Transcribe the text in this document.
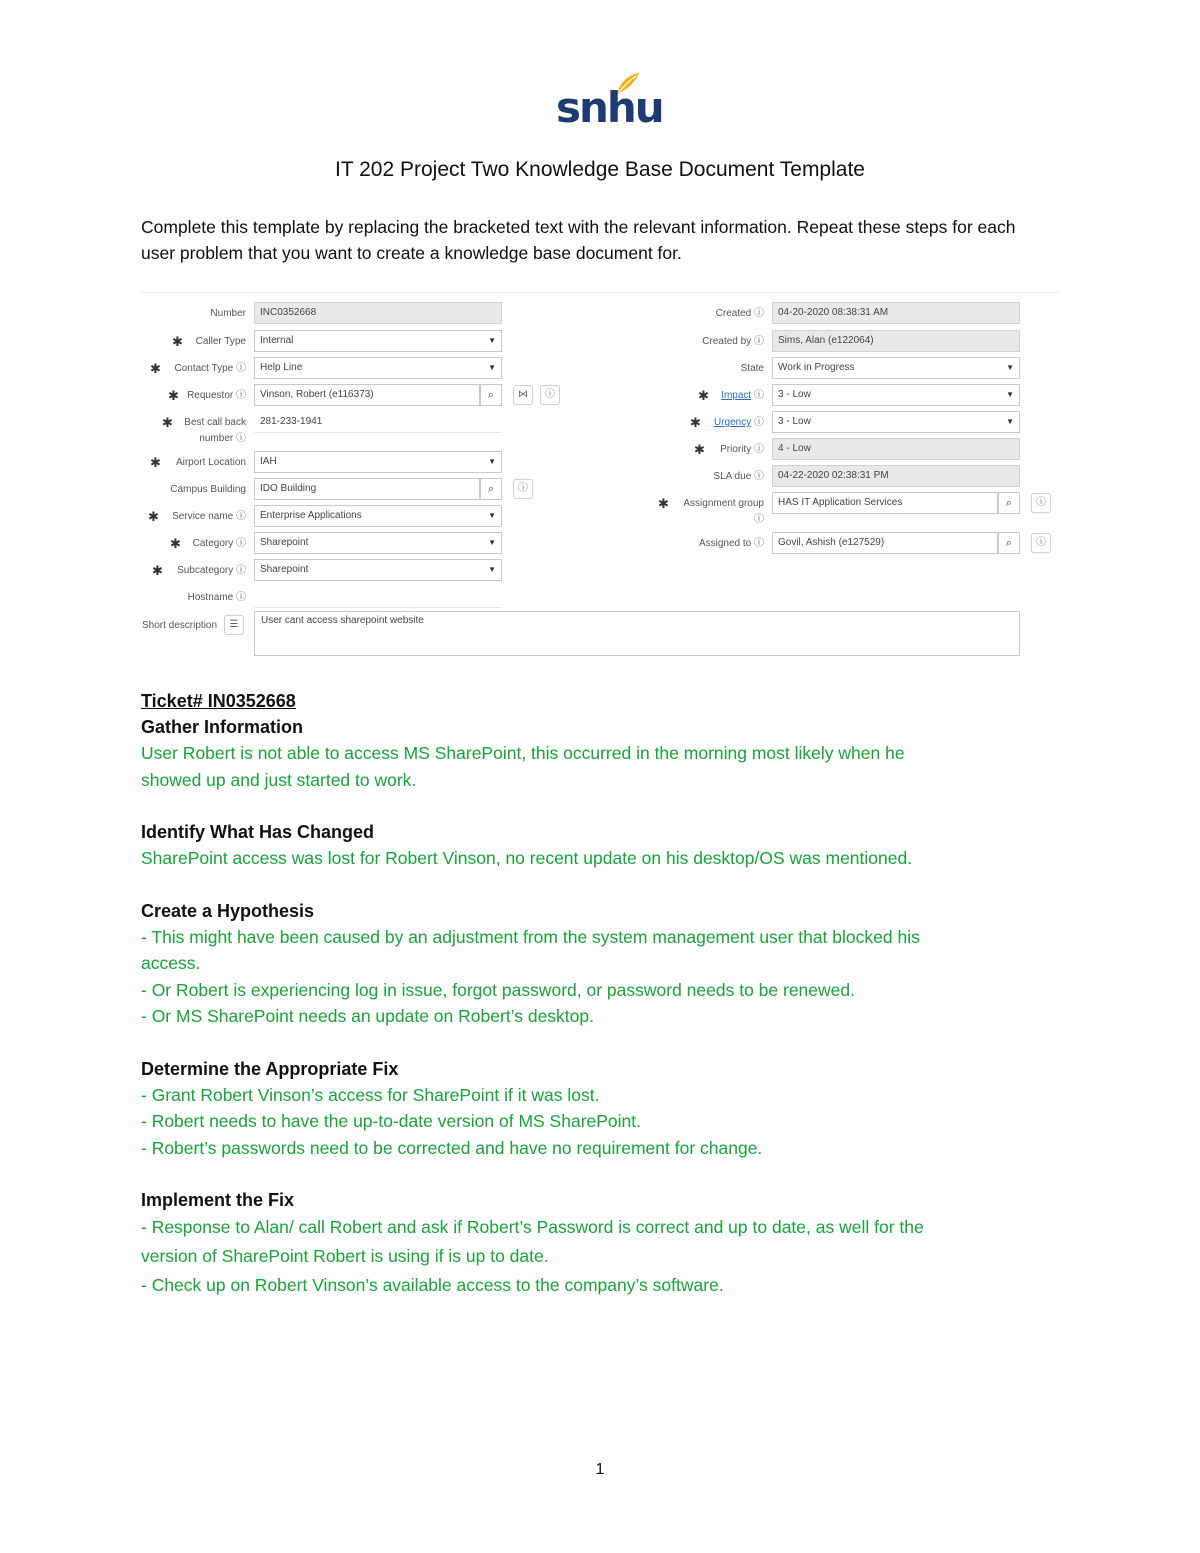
snhu
IT 202 Project Two Knowledge Base Document Template
Complete this template by replacing the bracketed text with the relevant information. Repeat these steps for each user problem that you want to create a knowledge base document for.
Number	INC0352668
✱ Caller Type	Internal	▼
✱ Contact Type ⓘ	Help Line	▼
✱ Requestor ⓘ	Vinson, Robert (e116373)	⌕	⋈	ⓘ
✱ Best call back
number ⓘ
281-233-1941
✱ Airport Location	IAH	▼
Campus Building	IDO Building	⌕	ⓘ
✱ Service name ⓘ	Enterprise Applications	▼
✱ Category ⓘ	Sharepoint	▼
✱ Subcategory ⓘ	Sharepoint	▼
Hostname ⓘ
Short description	☰	User cant access sharepoint website
Created ⓘ	04-20-2020 08:38:31 AM
Created by ⓘ	Sims, Alan (e122064)
State	Work in Progress	▼
✱ Impact ⓘ	3 - Low	▼
✱ Urgency ⓘ	3 - Low	▼
✱ Priority ⓘ	4 - Low
SLA due ⓘ	04-22-2020 02:38:31 PM
✱ Assignment group
ⓘ
HAS IT Application Services	⌕	ⓘ
Assigned to ⓘ	Govil, Ashish (e127529)	⌕	ⓘ
Ticket# IN0352668
Gather Information
User Robert is not able to access MS SharePoint, this occurred in the morning most likely when he
showed up and just started to work.
Identify What Has Changed
SharePoint access was lost for Robert Vinson, no recent update on his desktop/OS was mentioned.
Create a Hypothesis
- This might have been caused by an adjustment from the system management user that blocked his
access.
- Or Robert is experiencing log in issue, forgot password, or password needs to be renewed.
- Or MS SharePoint needs an update on Robert’s desktop.
Determine the Appropriate Fix
- Grant Robert Vinson’s access for SharePoint if it was lost.
- Robert needs to have the up-to-date version of MS SharePoint.
- Robert’s passwords need to be corrected and have no requirement for change.
Implement the Fix
- Response to Alan/ call Robert and ask if Robert’s Password is correct and up to date, as well for the
version of SharePoint Robert is using if is up to date.
- Check up on Robert Vinson’s available access to the company’s software.
1
